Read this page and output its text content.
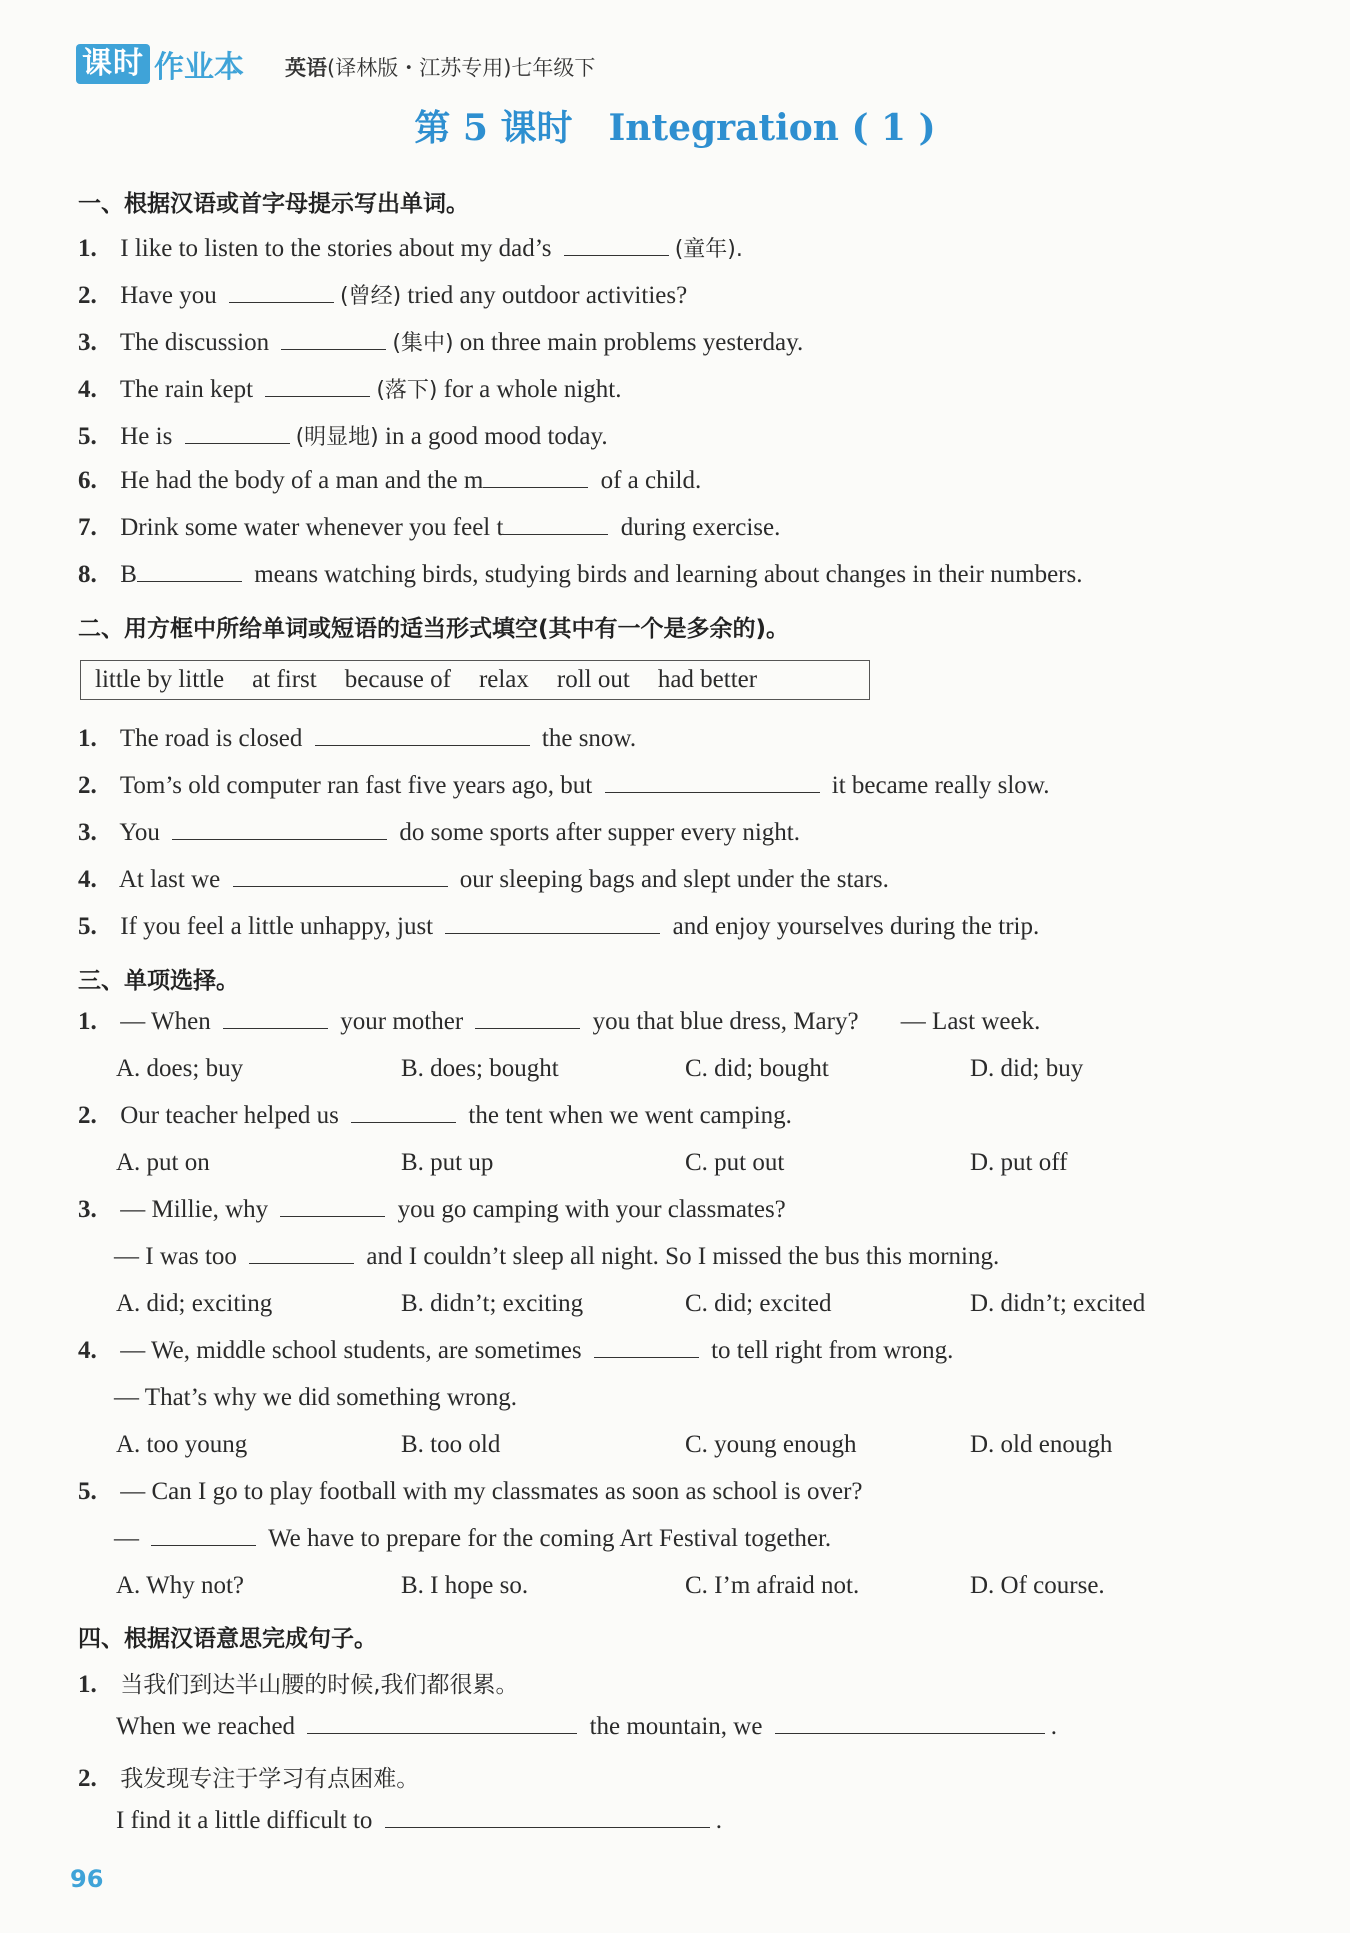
课时 作业本 英语(译林版・江苏专用)七年级下
第 5 课时　Integration ( 1 )
一、根据汉语或首字母提示写出单词。
1. I like to listen to the stories about my dad’s	(童年).
2. Have you	(曾经) tried any outdoor activities?
3. The discussion	(集中) on three main problems yesterday.
4. The rain kept	(落下) for a whole night.
5. He is	(明显地) in a good mood today.
6. He had the body of a man and the m	of a child.
7. Drink some water whenever you feel t	during exercise.
8. B	means watching birds, studying birds and learning about changes in their numbers.
二、用方框中所给单词或短语的适当形式填空(其中有一个是多余的)。
little by little at first because of relax roll out had better
1. The road is closed	the snow.
2. Tom’s old computer ran fast five years ago, but	it became really slow.
3. You	do some sports after supper every night.
4. At last we	our sleeping bags and slept under the stars.
5. If you feel a little unhappy, just	and enjoy yourselves during the trip.
三、单项选择。
1. — When	your mother	you that blue dress, Mary? — Last week.
A. does; buy	B. does; bought	C. did; bought	D. did; buy
2. Our teacher helped us	the tent when we went camping.
A. put on	B. put up	C. put out	D. put off
3. — Millie, why	you go camping with your classmates?
— I was too	and I couldn’t sleep all night. So I missed the bus this morning.
A. did; exciting	B. didn’t; exciting	C. did; excited	D. didn’t; excited
4. — We, middle school students, are sometimes	to tell right from wrong.
— That’s why we did something wrong.
A. too young	B. too old	C. young enough	D. old enough
5. — Can I go to play football with my classmates as soon as school is over?
—	We have to prepare for the coming Art Festival together.
A. Why not?	B. I hope so.	C. I’m afraid not.	D. Of course.
四、根据汉语意思完成句子。
1. 当我们到达半山腰的时候,我们都很累。
When we reached	the mountain, we	.
2. 我发现专注于学习有点困难。
I find it a little difficult to	.
96
